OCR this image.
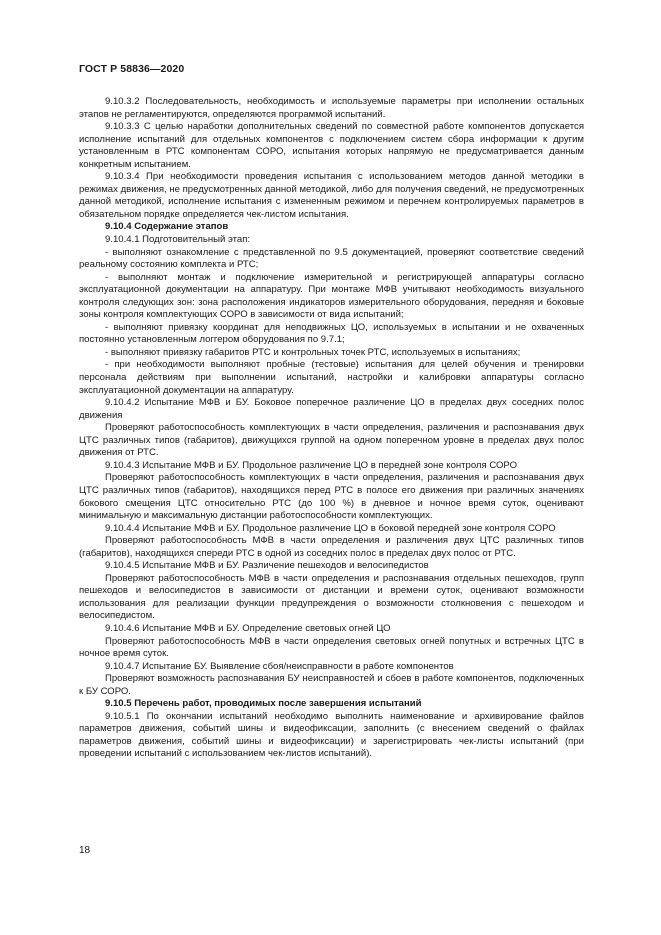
ГОСТ Р 58836—2020

9.10.3.2 Последовательность, необходимость и используемые параметры при исполнении остальных этапов не регламентируются, определяются программой испытаний.

9.10.3.3 С целью наработки дополнительных сведений по совместной работе компонентов допускается исполнение испытаний для отдельных компонентов с подключением систем сбора информации к другим установленным в РТС компонентам СОРО, испытания которых напрямую не предусматривается данным конкретным испытанием.

9.10.3.4 При необходимости проведения испытания с использованием методов данной методики в режимах движения, не предусмотренных данной методикой, либо для получения сведений, не предусмотренных данной методикой, исполнение испытания с измененным режимом и перечнем контролируемых параметров в обязательном порядке определяется чек-листом испытания.

9.10.4 Содержание этапов

9.10.4.1 Подготовительный этап:

- выполняют ознакомление с представленной по 9.5 документацией, проверяют соответствие сведений реальному состоянию комплекта и РТС;

- выполняют монтаж и подключение измерительной и регистрирующей аппаратуры согласно эксплуатационной документации на аппаратуру. При монтаже МФВ учитывают необходимость визуального контроля следующих зон: зона расположения индикаторов измерительного оборудования, передняя и боковые зоны контроля комплектующих СОРО в зависимости от вида испытаний;

- выполняют привязку координат для неподвижных ЦО, используемых в испытании и не охваченных постоянно установленным логгером оборудования по 9.7.1;

- выполняют привязку габаритов РТС и контрольных точек РТС, используемых в испытаниях;

- при необходимости выполняют пробные (тестовые) испытания для целей обучения и тренировки персонала действиям при выполнении испытаний, настройки и калибровки аппаратуры согласно эксплуатационной документации на аппаратуру.

9.10.4.2 Испытание МФВ и БУ. Боковое поперечное различение ЦО в пределах двух соседних полос движения

Проверяют работоспособность комплектующих в части определения, различения и распознавания двух ЦТС различных типов (габаритов), движущихся группой на одном поперечном уровне в пределах двух полос движения от РТС.

9.10.4.3 Испытание МФВ и БУ. Продольное различение ЦО в передней зоне контроля СОРО

Проверяют работоспособность комплектующих в части определения, различения и распознавания двух ЦТС различных типов (габаритов), находящихся перед РТС в полосе его движения при различных значениях бокового смещения ЦТС относительно РТС (до 100 %) в дневное и ночное время суток, оценивают минимальную и максимальную дистанции работоспособности комплектующих.

9.10.4.4 Испытание МФВ и БУ. Продольное различение ЦО в боковой передней зоне контроля СОРО

Проверяют работоспособность МФВ в части определения и различения двух ЦТС различных типов (габаритов), находящихся спереди РТС в одной из соседних полос в пределах двух полос от РТС.

9.10.4.5 Испытание МФВ и БУ. Различение пешеходов и велосипедистов

Проверяют работоспособность МФВ в части определения и распознавания отдельных пешеходов, групп пешеходов и велосипедистов в зависимости от дистанции и времени суток, оценивают возможности использования для реализации функции предупреждения о возможности столкновения с пешеходом и велосипедистом.

9.10.4.6 Испытание МФВ и БУ. Определение световых огней ЦО

Проверяют работоспособность МФВ в части определения световых огней попутных и встречных ЦТС в ночное время суток.

9.10.4.7 Испытание БУ. Выявление сбоя/неисправности в работе компонентов

Проверяют возможность распознавания БУ неисправностей и сбоев в работе компонентов, подключенных к БУ СОРО.

9.10.5 Перечень работ, проводимых после завершения испытаний

9.10.5.1 По окончании испытаний необходимо выполнить наименование и архивирование файлов параметров движения, событий шины и видеофиксации, заполнить (с внесением сведений о файлах параметров движения, событий шины и видеофиксации) и зарегистрировать чек-листы испытаний (при проведении испытаний с использованием чек-листов испытаний).

18
